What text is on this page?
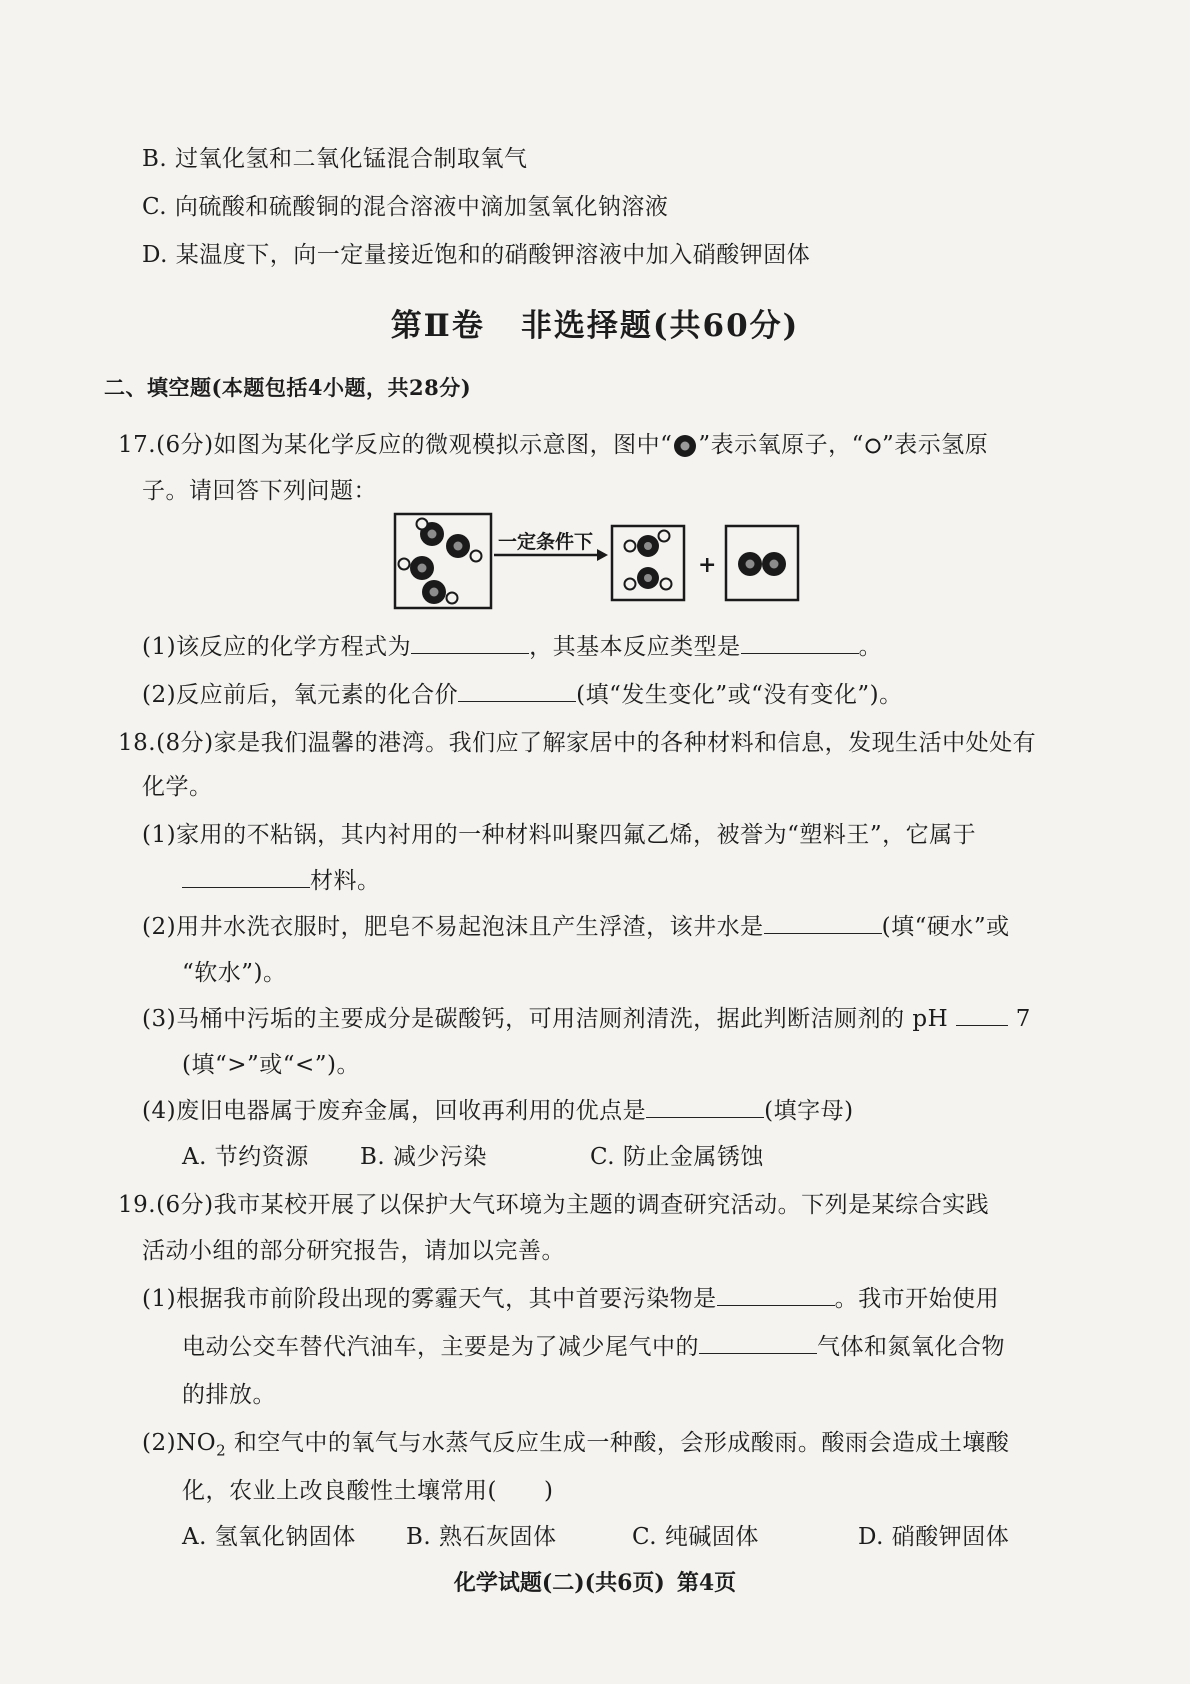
B. 过氧化氢和二氧化锰混合制取氧气
C. 向硫酸和硫酸铜的混合溶液中滴加氢氧化钠溶液
D. 某温度下，向一定量接近饱和的硝酸钾溶液中加入硝酸钾固体
第Ⅱ卷 非选择题(共60分)
二、填空题(本题包括4小题，共28分)
17.(6分)如图为某化学反应的微观模拟示意图，图中“ ”表示氧原子，“ ”表示氢原
子。请回答下列问题：
一定条件下
+
(1)该反应的化学方程式为	，其基本反应类型是	。
(2)反应前后，氧元素的化合价	(填“发生变化”或“没有变化”)。
18.(8分)家是我们温馨的港湾。我们应了解家居中的各种材料和信息，发现生活中处处有
化学。
(1)家用的不粘锅，其内衬用的一种材料叫聚四氟乙烯，被誉为“塑料王”，它属于
材料。
(2)用井水洗衣服时，肥皂不易起泡沫且产生浮渣，该井水是	(填“硬水”或
“软水”)。
(3)马桶中污垢的主要成分是碳酸钙，可用洁厕剂清洗，据此判断洁厕剂的 pH	7
(填“>”或“<”)。
(4)废旧电器属于废弃金属，回收再利用的优点是	(填字母)
A. 节约资源 B. 减少污染	C. 防止金属锈蚀
19.(6分)我市某校开展了以保护大气环境为主题的调查研究活动。下列是某综合实践
活动小组的部分研究报告，请加以完善。
(1)根据我市前阶段出现的雾霾天气，其中首要污染物是	。我市开始使用
电动公交车替代汽油车，主要是为了减少尾气中的	气体和氮氧化合物
的排放。
$(2)NO_2$ 和空气中的氧气与水蒸气反应生成一种酸，会形成酸雨。酸雨会造成土壤酸
化，农业上改良酸性土壤常用(　　)
A. 氢氧化钠固体 B. 熟石灰固体	C. 纯碱固体	D. 硝酸钾固体
化学试题(二)(共6页) 第4页
